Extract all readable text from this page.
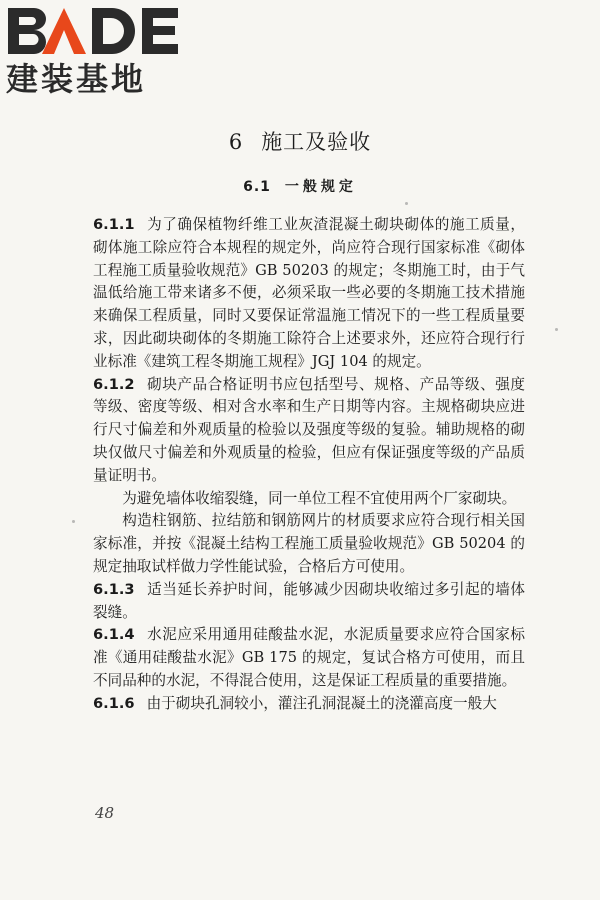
建装基地
6 施工及验收
6.1 一般规定

6.1.1 为了确保植物纤维工业灰渣混凝土砌块砌体的施工质量，砌体施工除应符合本规程的规定外，尚应符合现行国家标准《砌体工程施工质量验收规范》GB 50203 的规定；冬期施工时，由于气温低给施工带来诸多不便，必须采取一些必要的冬期施工技术措施来确保工程质量，同时又要保证常温施工情况下的一些工程质量要求，因此砌块砌体的冬期施工除符合上述要求外，还应符合现行行业标准《建筑工程冬期施工规程》JGJ 104 的规定。

6.1.2 砌块产品合格证明书应包括型号、规格、产品等级、强度等级、密度等级、相对含水率和生产日期等内容。主规格砌块应进行尺寸偏差和外观质量的检验以及强度等级的复验。辅助规格的砌块仅做尺寸偏差和外观质量的检验，但应有保证强度等级的产品质量证明书。

为避免墙体收缩裂缝，同一单位工程不宜使用两个厂家砌块。

构造柱钢筋、拉结筋和钢筋网片的材质要求应符合现行相关国家标准，并按《混凝土结构工程施工质量验收规范》GB 50204 的规定抽取试样做力学性能试验，合格后方可使用。

6.1.3 适当延长养护时间，能够减少因砌块收缩过多引起的墙体裂缝。

6.1.4 水泥应采用通用硅酸盐水泥，水泥质量要求应符合国家标准《通用硅酸盐水泥》GB 175 的规定，复试合格方可使用，而且不同品种的水泥，不得混合使用，这是保证工程质量的重要措施。

6.1.6 由于砌块孔洞较小，灌注孔洞混凝土的浇灌高度一般大

48
